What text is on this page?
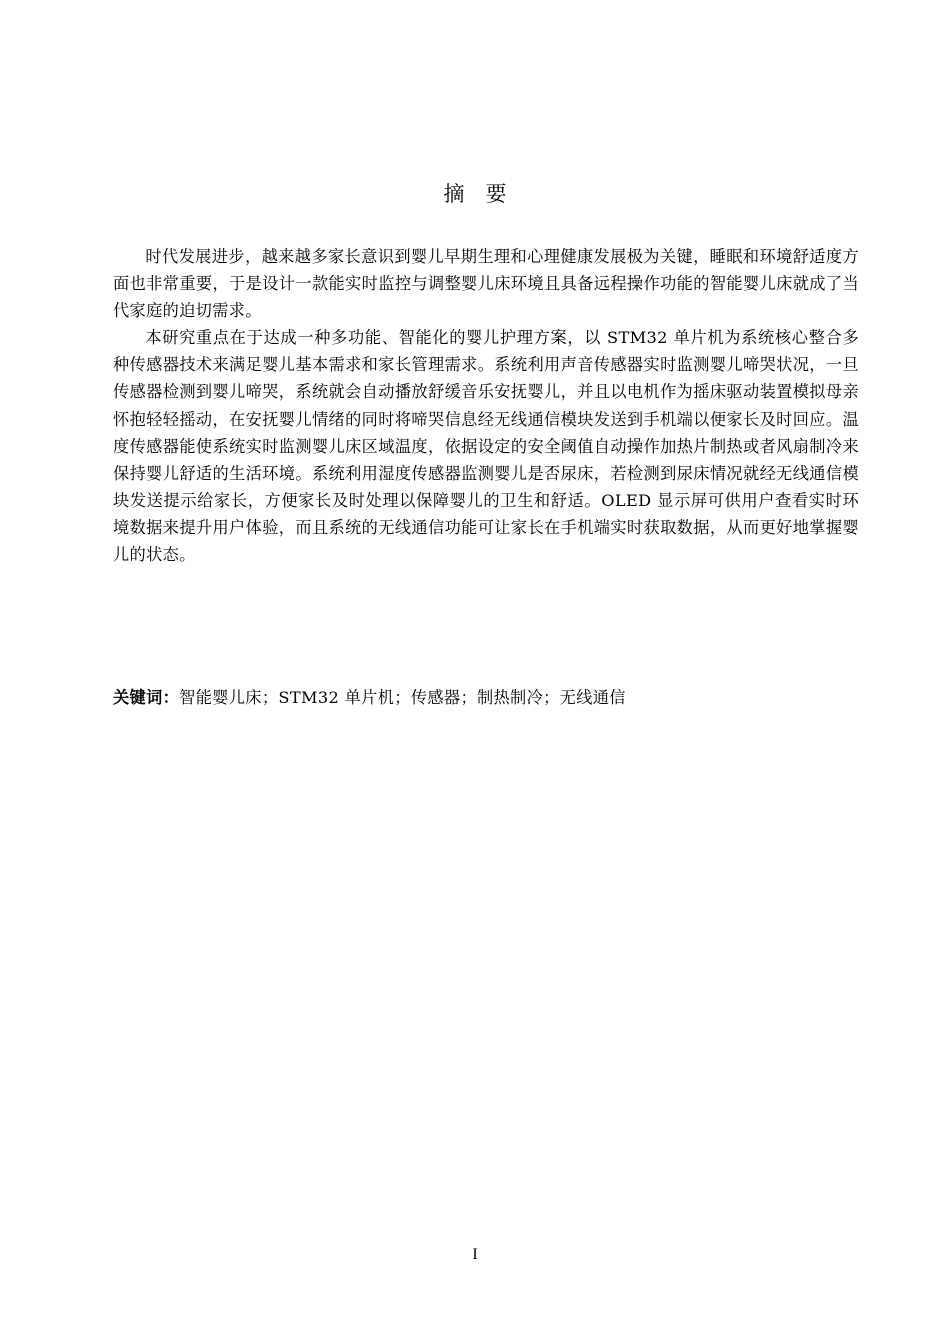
摘 要

时代发展进步，越来越多家长意识到婴儿早期生理和心理健康发展极为关键，睡眠和环境舒适度方面也非常重要，于是设计一款能实时监控与调整婴儿床环境且具备远程操作功能的智能婴儿床就成了当代家庭的迫切需求。

本研究重点在于达成一种多功能、智能化的婴儿护理方案，以 STM32 单片机为系统核心整合多种传感器技术来满足婴儿基本需求和家长管理需求。系统利用声音传感器实时监测婴儿啼哭状况，一旦传感器检测到婴儿啼哭，系统就会自动播放舒缓音乐安抚婴儿，并且以电机作为摇床驱动装置模拟母亲怀抱轻轻摇动，在安抚婴儿情绪的同时将啼哭信息经无线通信模块发送到手机端以便家长及时回应。温度传感器能使系统实时监测婴儿床区域温度，依据设定的安全阈值自动操作加热片制热或者风扇制冷来保持婴儿舒适的生活环境。系统利用湿度传感器监测婴儿是否尿床，若检测到尿床情况就经无线通信模块发送提示给家长，方便家长及时处理以保障婴儿的卫生和舒适。OLED 显示屏可供用户查看实时环境数据来提升用户体验，而且系统的无线通信功能可让家长在手机端实时获取数据，从而更好地掌握婴儿的状态。

关键词：智能婴儿床；STM32 单片机；传感器；制热制冷；无线通信
I
